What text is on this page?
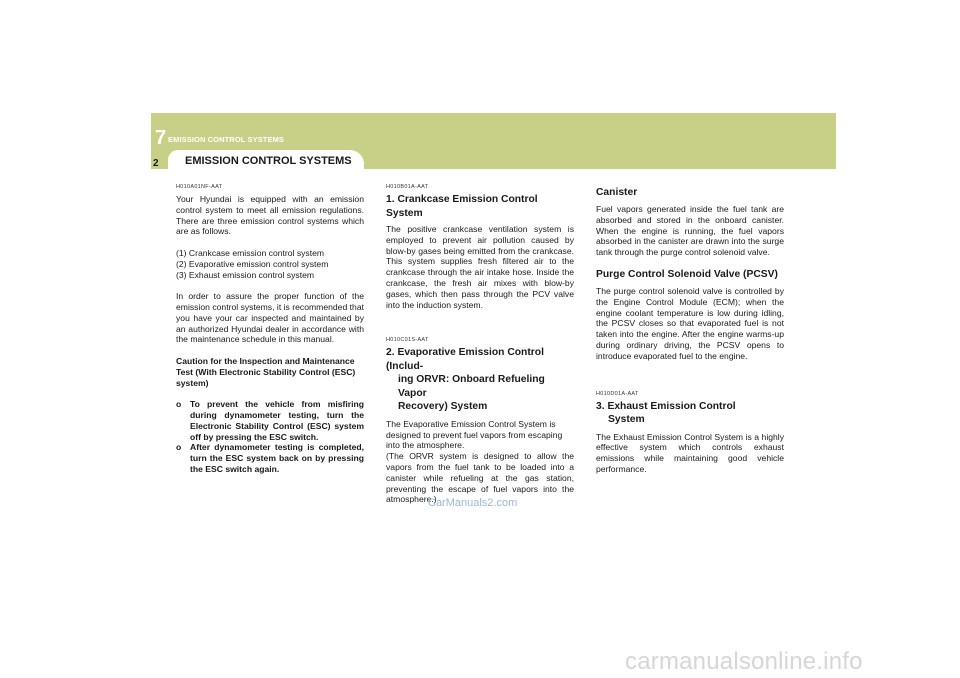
7 EMISSION CONTROL SYSTEMS
2 EMISSION CONTROL SYSTEMS
H010A01NF-AAT

Your Hyundai is equipped with an emission control system to meet all emission regulations. There are three emission control systems which are as follows.

(1) Crankcase emission control system
(2) Evaporative emission control system
(3) Exhaust emission control system

In order to assure the proper function of the emission control systems, it is recommended that you have your car inspected and maintained by an authorized Hyundai dealer in accordance with the maintenance schedule in this manual.

Caution for the Inspection and Maintenance Test (With Electronic Stability Control (ESC) system)

o	To prevent the vehicle from misfiring during dynamometer testing, turn the Electronic Stability Control (ESC) system off by pressing the ESC switch.
o	After dynamometer testing is completed, turn the ESC system back on by pressing the ESC switch again.
H010B01A-AAT
1. Crankcase Emission Control System

The positive crankcase ventilation system is employed to prevent air pollution caused by blow-by gases being emitted from the crankcase. This system supplies fresh filtered air to the crankcase through the air intake hose. Inside the crankcase, the fresh air mixes with blow-by gases, which then pass through the PCV valve into the induction system.

H010C01S-AAT
2. Evaporative Emission Control (Includ-
ing ORVR: Onboard Refueling Vapor
Recovery) System

The Evaporative Emission Control System is designed to prevent fuel vapors from escaping into the atmosphere.

(The ORVR system is designed to allow the vapors from the fuel tank to be loaded into a canister while refueling at the gas station, preventing the escape of fuel vapors into the atmosphere.)

Canister

Fuel vapors generated inside the fuel tank are absorbed and stored in the onboard canister. When the engine is running, the fuel vapors absorbed in the canister are drawn into the surge tank through the purge control solenoid valve.

Purge Control Solenoid Valve (PCSV)

The purge control solenoid valve is controlled by the Engine Control Module (ECM); when the engine coolant temperature is low during idling, the PCSV closes so that evaporated fuel is not taken into the engine. After the engine warms-up during ordinary driving, the PCSV opens to introduce evaporated fuel to the engine.

H010D01A-AAT
3. Exhaust Emission Control
System

The Exhaust Emission Control System is a highly effective system which controls exhaust emissions while maintaining good vehicle performance.

CarManuals2.com
carmanualsonline.info
